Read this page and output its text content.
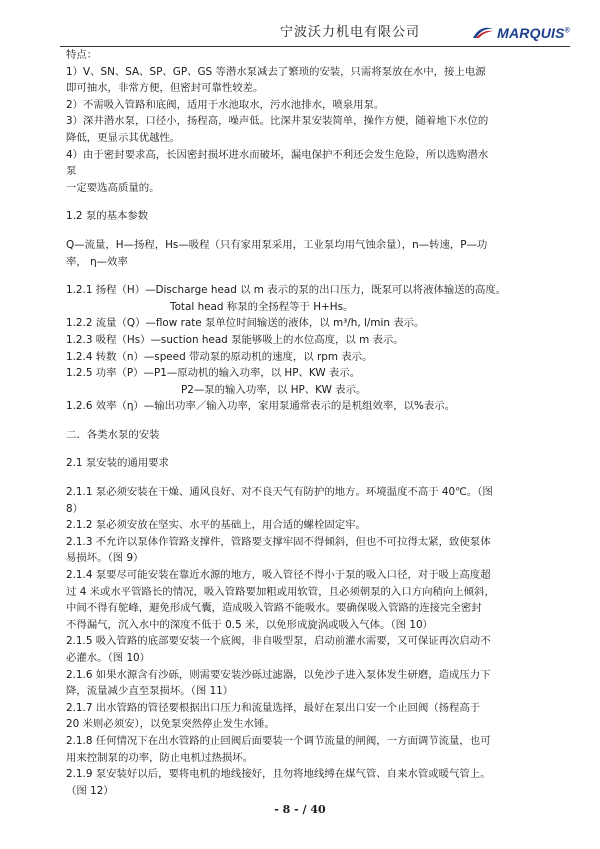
宁波沃力机电有限公司	MARQUIS®

特点：

1）V、SN、SA、SP、GP、GS 等潜水泵减去了繁琐的安装，只需将泵放在水中，接上电源

即可抽水，非常方便，但密封可靠性较差。

2）不需吸入管路和底阀，适用于水池取水，污水池排水，喷泉用泵。

3）深井潜水泵，口径小，扬程高，噪声低。比深井泵安装简单，操作方便，随着地下水位的

降低，更显示其优越性。

4）由于密封要求高，长因密封损坏进水而破坏，漏电保护不利还会发生危险，所以选购潜水

泵

一定要选高质量的。

1.2 泵的基本参数

Q—流量，H—扬程，Hs—吸程（只有家用泵采用，工业泵均用气蚀余量），n—转速，P—功

率， η—效率

1.2.1 扬程（H）—Discharge head 以 m 表示的泵的出口压力，既泵可以将液体输送的高度。

Total head 称泵的全扬程等于 H+Hs。

1.2.2 流量（Q）—flow rate 泵单位时间输送的液体，以 m³/h, l/min 表示。

1.2.3 吸程（Hs）—suction head 泵能够吸上的水位高度，以 m 表示。

1.2.4 转数（n）—speed 带动泵的原动机的速度，以 rpm 表示。

1.2.5 功率（P）—P1—原动机的输入功率，以 HP、KW 表示。

P2—泵的输入功率，以 HP、KW 表示。

1.2.6 效率（η）—输出功率／输入功率，家用泵通常表示的是机组效率，以%表示。

二．各类水泵的安装

2.1 泵安装的通用要求

2.1.1 泵必须安装在干燥、通风良好、对不良天气有防护的地方。环境温度不高于 40℃。（图

8）

2.1.2 泵必须安放在坚实、水平的基础上，用合适的螺栓固定牢。

2.1.3 不允许以泵体作管路支撑件，管路要支撑牢固不得倾斜，但也不可拉得太紧，致使泵体

易损坏。（图 9）

2.1.4 泵要尽可能安装在靠近水源的地方，吸入管径不得小于泵的吸入口径，对于吸上高度超

过 4 米或水平管路长的情况，吸入管路要加粗或用软管，且必须朝泵的入口方向稍向上倾斜，

中间不得有鸵峰，避免形成气囊，造成吸入管路不能吸水。要确保吸入管路的连接完全密封

不得漏气，沉入水中的深度不低于 0.5 米，以免形成旋涡或吸入气体。（图 10）

2.1.5 吸入管路的底部要安装一个底阀，非自吸型泵，启动前灌水需要，又可保证再次启动不

必灌水。（图 10）

2.1.6 如果水源含有沙砾，则需要安装沙砾过滤器，以免沙子进入泵体发生研磨，造成压力下

降，流量减少直至泵损坏。（图 11）

2.1.7 出水管路的管径要根据出口压力和流量选择，最好在泵出口安一个止回阀（扬程高于

20 米则必须安），以免泵突然停止发生水锤。

2.1.8 任何情况下在出水管路的止回阀后面要装一个调节流量的闸阀，一方面调节流量，也可

用来控制泵的功率，防止电机过热损坏。

2.1.9 泵安装好以后，要将电机的地线接好，且勿将地线缚在煤气管、自来水管或暖气管上。

（图 12）

- 8 - / 40
